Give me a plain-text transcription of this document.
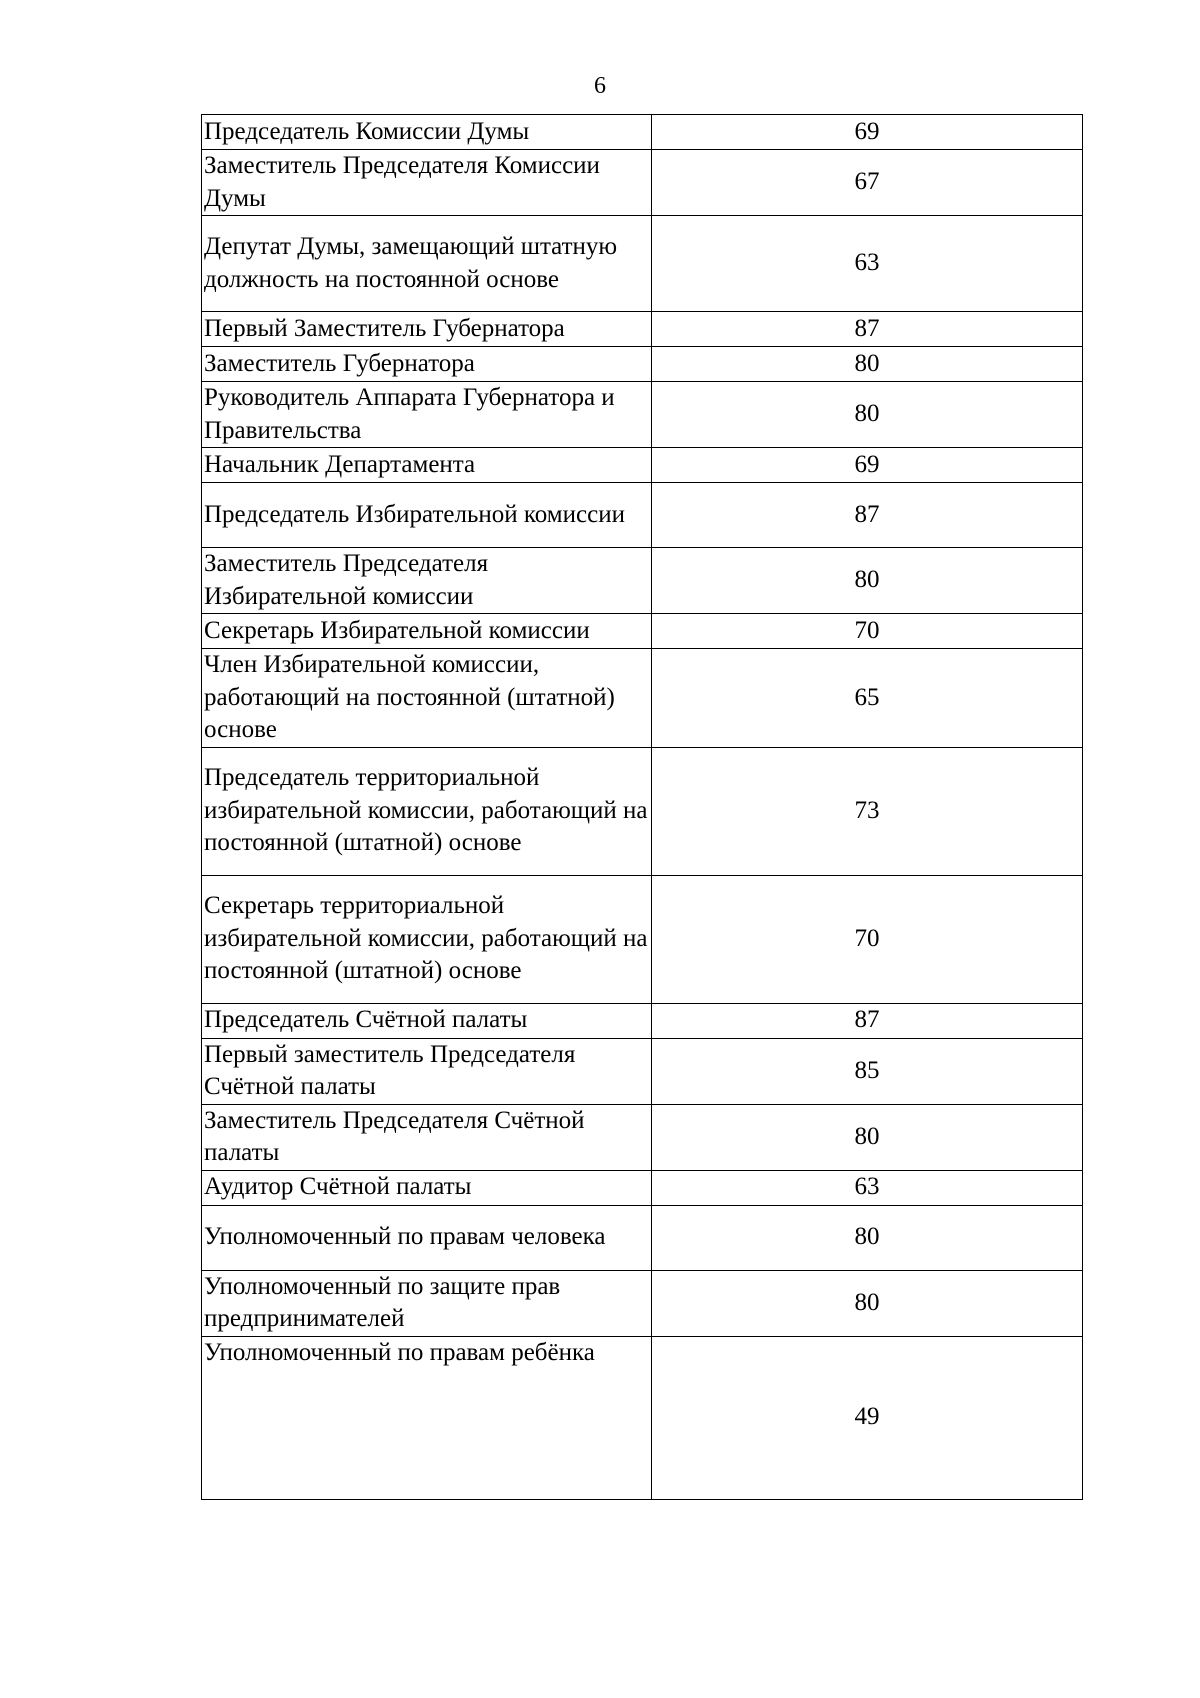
6
Председатель Комиссии Думы	69
Заместитель Председателя Комиссии Думы	67
Депутат Думы, замещающий штатную должность на постоянной основе	63
Первый Заместитель Губернатора	87
Заместитель Губернатора	80
Руководитель Аппарата Губернатора и Правительства	80
Начальник Департамента	69
Председатель Избирательной комиссии	87
Заместитель Председателя Избирательной комиссии	80
Секретарь Избирательной комиссии	70
Член Избирательной комиссии, работающий на постоянной (штатной) основе	65
Председатель территориальной избирательной комиссии, работающий на постоянной (штатной) основе	73
Секретарь территориальной избирательной комиссии, работающий на постоянной (штатной) основе	70
Председатель Счётной палаты	87
Первый заместитель Председателя Счётной палаты	85
Заместитель Председателя Счётной палаты	80
Аудитор Счётной палаты	63
Уполномоченный по правам человека	80
Уполномоченный по защите прав предпринимателей	80
Уполномоченный по правам ребёнка	49
